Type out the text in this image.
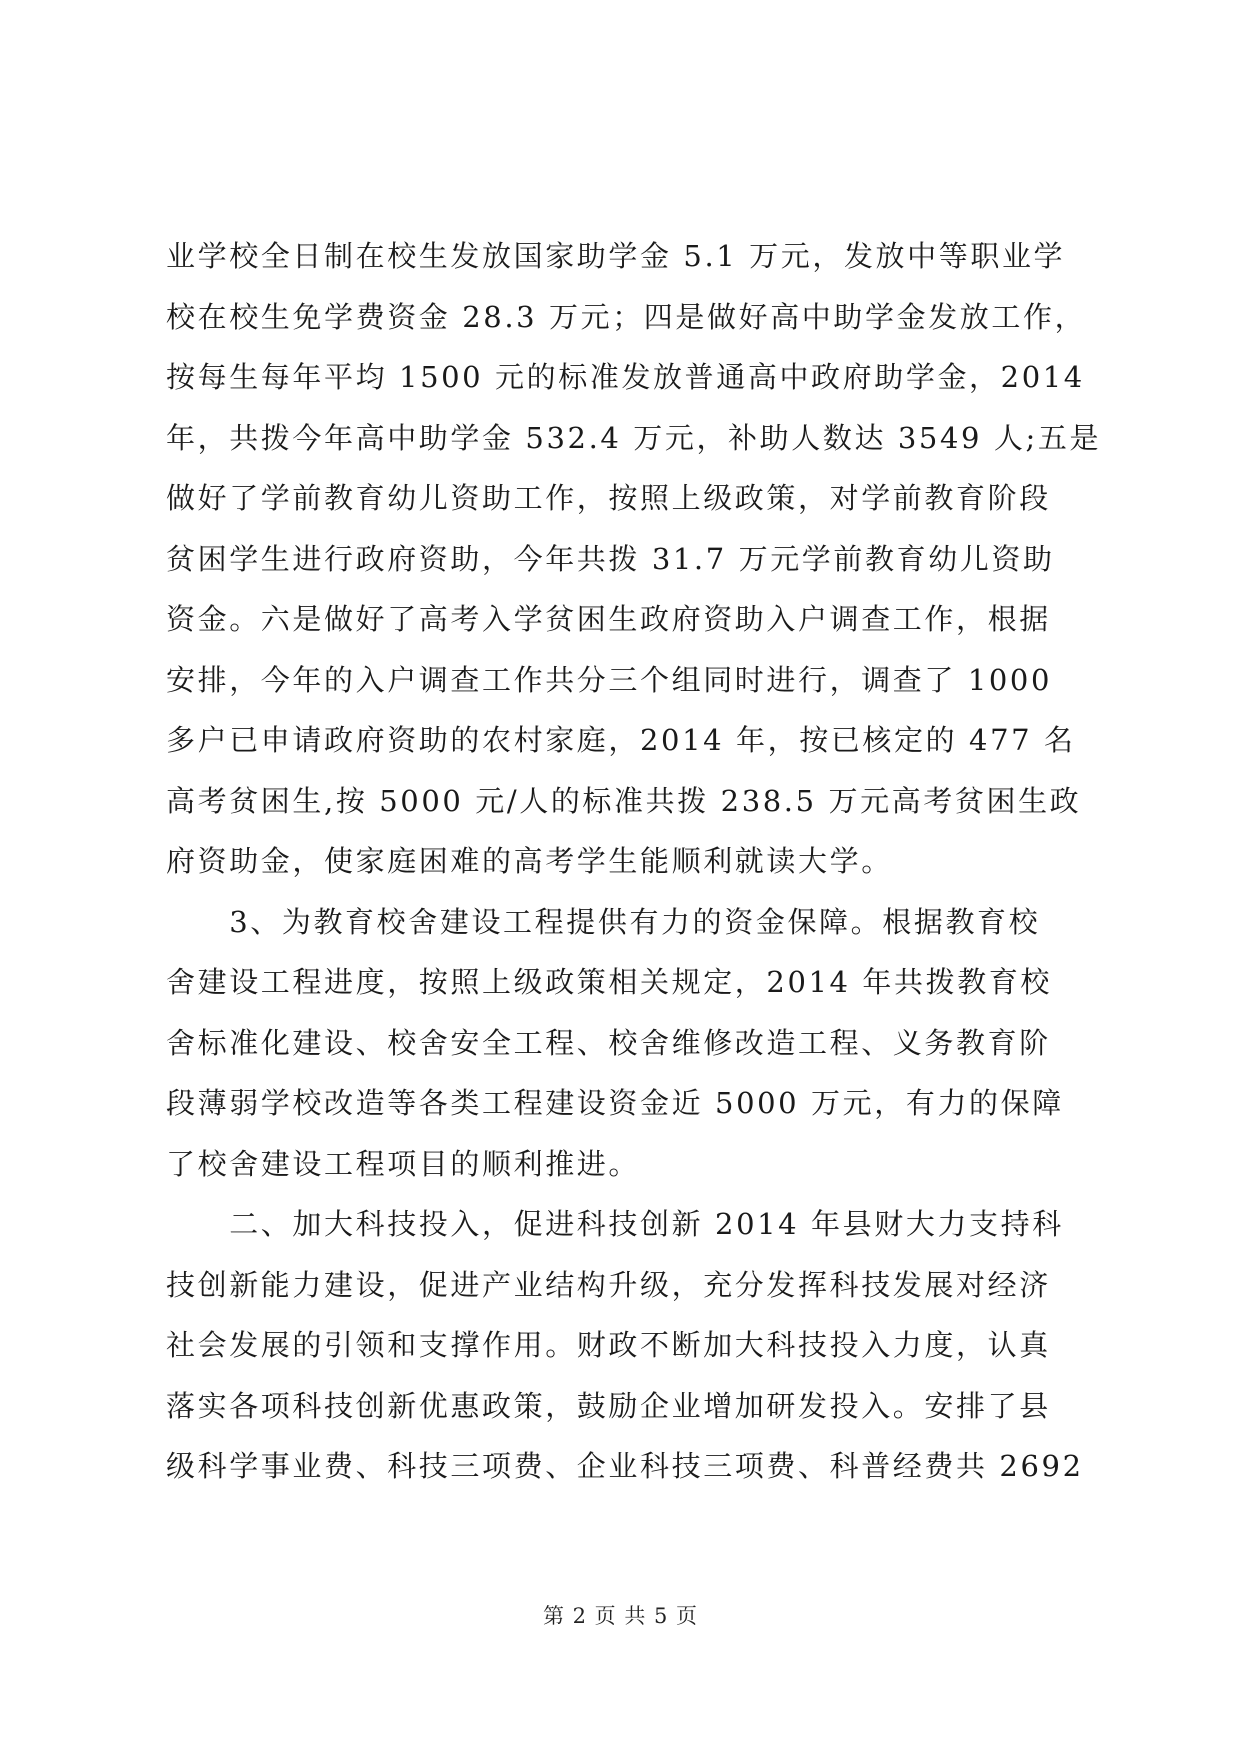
业学校全日制在校生发放国家助学金 5.1 万元，发放中等职业学
校在校生免学费资金 28.3 万元；四是做好高中助学金发放工作，
按每生每年平均 1500 元的标准发放普通高中政府助学金，2014
年，共拨今年高中助学金 532.4 万元，补助人数达 3549 人;五是
做好了学前教育幼儿资助工作，按照上级政策，对学前教育阶段
贫困学生进行政府资助，今年共拨 31.7 万元学前教育幼儿资助
资金。六是做好了高考入学贫困生政府资助入户调查工作，根据
安排，今年的入户调查工作共分三个组同时进行，调查了 1000
多户已申请政府资助的农村家庭，2014 年，按已核定的 477 名
高考贫困生,按 5000 元/人的标准共拨 238.5 万元高考贫困生政
府资助金，使家庭困难的高考学生能顺利就读大学。
　　3、为教育校舍建设工程提供有力的资金保障。根据教育校
舍建设工程进度，按照上级政策相关规定，2014 年共拨教育校
舍标准化建设、校舍安全工程、校舍维修改造工程、义务教育阶
段薄弱学校改造等各类工程建设资金近 5000 万元，有力的保障
了校舍建设工程项目的顺利推进。
　　二、加大科技投入，促进科技创新 2014 年县财大力支持科
技创新能力建设，促进产业结构升级，充分发挥科技发展对经济
社会发展的引领和支撑作用。财政不断加大科技投入力度，认真
落实各项科技创新优惠政策，鼓励企业增加研发投入。安排了县
级科学事业费、科技三项费、企业科技三项费、科普经费共 2692
第 2 页 共 5 页
